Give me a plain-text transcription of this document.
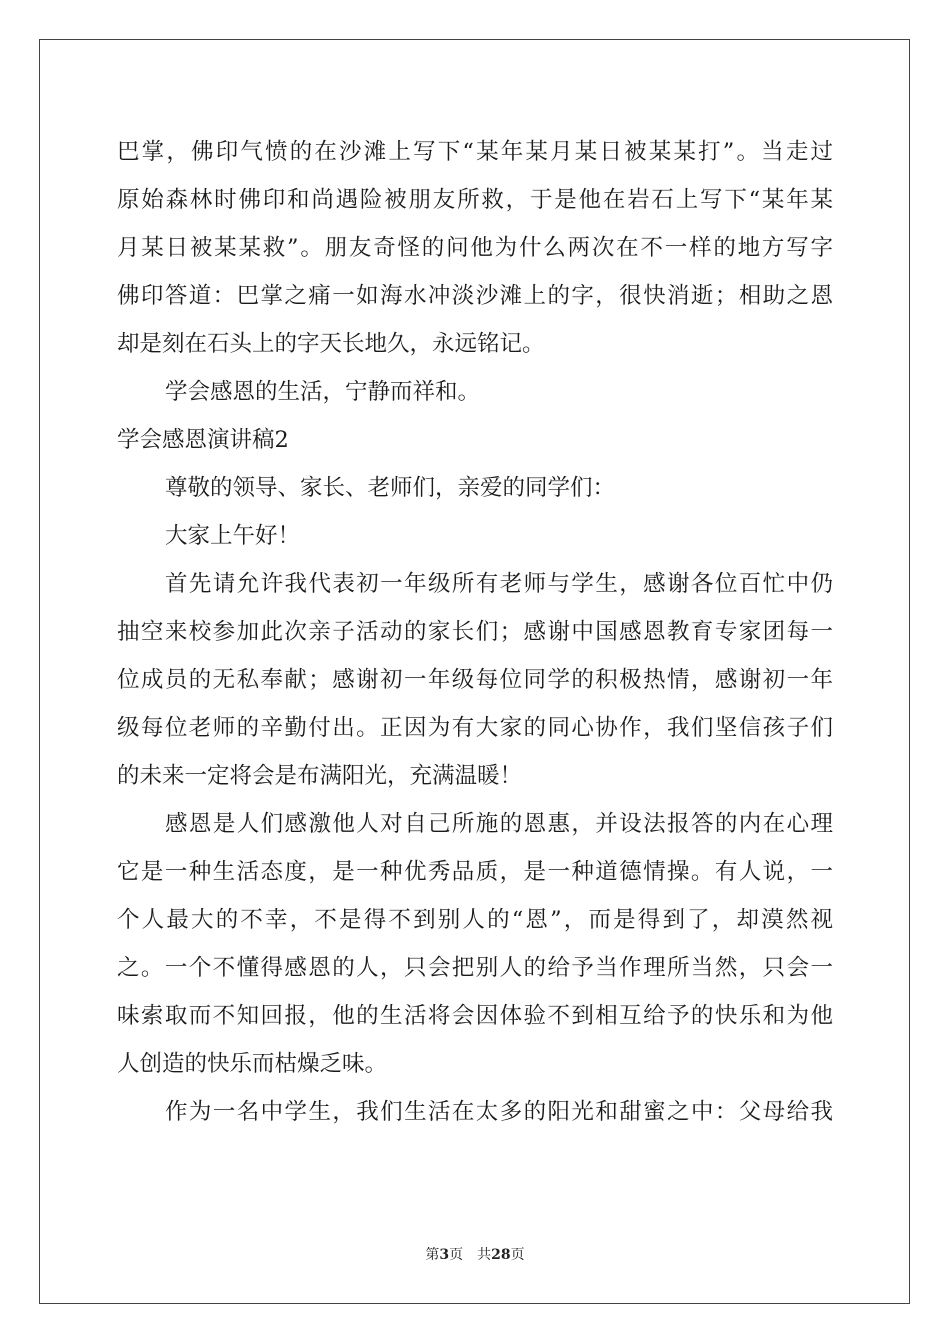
巴掌，佛印气愤的在沙滩上写下“某年某月某日被某某打”。当走过
原始森林时佛印和尚遇险被朋友所救，于是他在岩石上写下“某年某
月某日被某某救”。朋友奇怪的问他为什么两次在不一样的地方写字
佛印答道：巴掌之痛一如海水冲淡沙滩上的字，很快消逝；相助之恩
却是刻在石头上的字天长地久，永远铭记。
学会感恩的生活，宁静而祥和。
学会感恩演讲稿2
尊敬的领导、家长、老师们，亲爱的同学们：
大家上午好！
首先请允许我代表初一年级所有老师与学生，感谢各位百忙中仍
抽空来校参加此次亲子活动的家长们；感谢中国感恩教育专家团每一
位成员的无私奉献；感谢初一年级每位同学的积极热情，感谢初一年
级每位老师的辛勤付出。正因为有大家的同心协作，我们坚信孩子们
的未来一定将会是布满阳光，充满温暖！
感恩是人们感激他人对自己所施的恩惠，并设法报答的内在心理
它是一种生活态度，是一种优秀品质，是一种道德情操。有人说，一
个人最大的不幸，不是得不到别人的“恩”，而是得到了，却漠然视
之。一个不懂得感恩的人，只会把别人的给予当作理所当然，只会一
味索取而不知回报，他的生活将会因体验不到相互给予的快乐和为他
人创造的快乐而枯燥乏味。
作为一名中学生，我们生活在太多的阳光和甜蜜之中：父母给我
第3页 共28页
